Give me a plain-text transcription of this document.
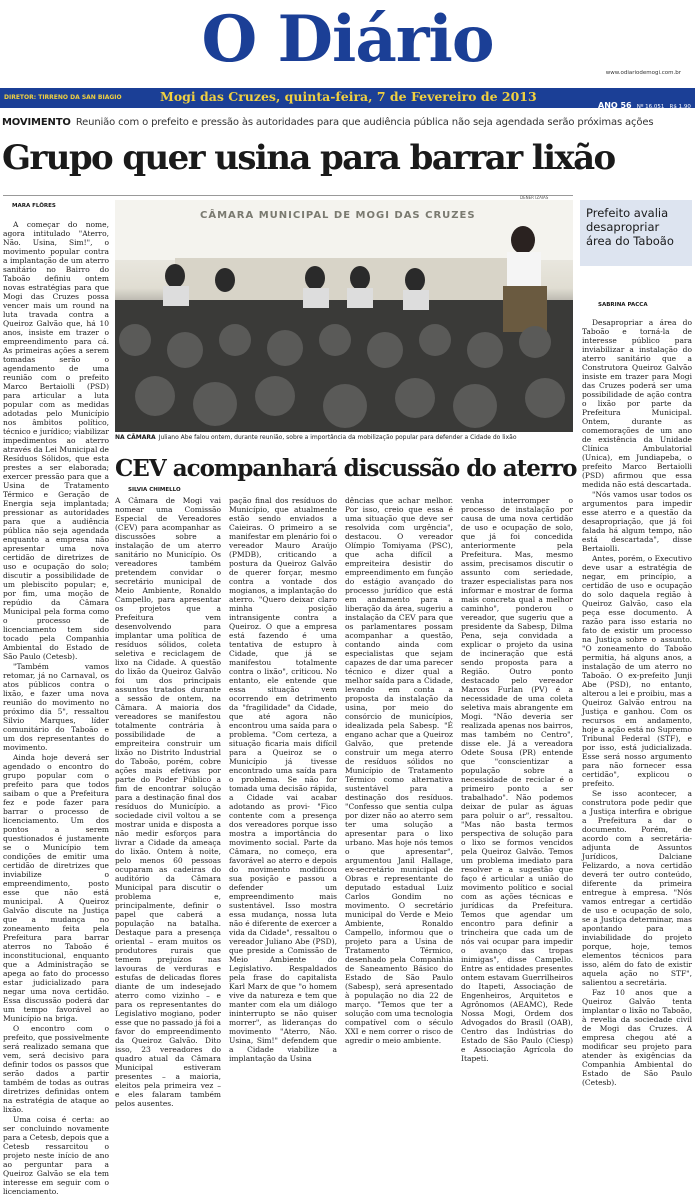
O Diário	www.odiariodemogi.com.br
DIRETOR: TIRRENO DA SAN BIAGIO	Mogi das Cruzes, quinta-feira, 7 de Fevereiro de 2013
ANO 56 Nº 16.051 R$ 1,90
MOVIMENTO Reunião com o prefeito e pressão às autoridades para que audiência pública não seja agendada serão próximas ações
Grupo quer usina para barrar lixão
MARA FLÔRES

A começar do nome, agora intitulado "Aterro, Não. Usina, Sim!", o movimento popular contra a implantação de um aterro sanitário no Bairro do Taboão definiu ontem novas estratégias para que Mogi das Cruzes possa vencer mais um round na luta travada contra a Queiroz Galvão que, há 10 anos, insiste em trazer o empreendimento para cá. As primeiras ações a serem tomadas serão o agendamento de uma reunião com o prefeito Marco Bertaiolli (PSD) para articular a luta popular com as medidas adotadas pelo Município nos âmbitos político, técnico e jurídico; viabilizar impedimentos ao aterro através da Lei Municipal de Resíduos Sólidos, que esta prestes a ser elaborada; exercer pressão para que a Usina de Tratamento Térmico e Geração de Energia seja implantada; pressionar as autoridades para que a audiência pública não seja agendada enquanto a empresa não apresentar uma nova certidão de diretrizes de uso e ocupação do solo; discutir a possibilidade de um plebiscito popular; e, por fim, uma moção de repúdio da Câmara Municipal pela forma como o processo de licenciamento tem sido tocado pela Companhia Ambiental do Estado de São Paulo (Cetesb).

"Também vamos retomar, já no Carnaval, os atos públicos contra o lixão, e fazer uma nova reunião do movimento no próximo dia 5", ressaltou Silvio Marques, líder comunitário do Taboão e um dos representantes do movimento.

Ainda hoje deverá ser agendado o encontro do grupo popular com o prefeito para que todos saibam o que a Prefeitura fez e pode fazer para barrar o processo de licenciamento. Um dos pontos a serem questionados é justamente se o Município tem condições de emitir uma certidão de diretrizes que inviabilize o empreendimento, posto esse que não está municipal. A Queiroz Galvão discute na Justiça que a mudança no zoneamento feita pela Prefeitura para barrar aterros no Taboão é inconstitucional, enquanto que a Administração se apega ao fato do processo estar judicializado para negar uma nova certidão. Essa discussão poderá dar um tempo favorável ao Município na briga.

O encontro com o prefeito, que possivelmente será realizado semana que vem, será decisivo para definir todos os passos que serão dados a partir também de todas as outras diretrizes definidas ontem na estratégia de ataque ao lixão.

Uma coisa é certa: ao ser concluindo novamente para a Cetesb, depois que a Cetesb ressarcitou o projeto neste início de ano ao perguntar para a Queiroz Galvão se ela tem interesse em seguir com o licenciamento.

CÂMARA MUNICIPAL DE MOGI DAS CRUZES
DENER IZAIAS
NA CÂMARA Juliano Abe falou ontem, durante reunião, sobre a importância da mobilização popular para defender a Cidade do lixão
CEV acompanhará discussão do aterro
SILVIA CHIMELLO

A Câmara de Mogi vai nomear uma Comissão Especial de Vereadores (CEV) para acompanhar as discussões sobre a instalação de um aterro sanitário no Município. Os vereadores também pretendem convidar o secretário municipal de Meio Ambiente, Ronaldo Campello, para apresentar os projetos que a Prefeitura vem desenvolvendo para implantar uma política de resíduos sólidos, coleta seletiva e reciclagem de lixo na Cidade. A questão do lixão da Queiroz Galvão foi um dos principais assuntos tratados durante a sessão de ontem, na Câmara. A maioria dos vereadores se manifestou totalmente contrária à possibilidade de a empreiteira construir um lixão no Distrito Industrial do Taboão, porém, cobre ações mais efetivas por parte do Poder Público a fim de encontrar solução para a destinação final dos resíduos do Município. a sociedade civil voltou a se mostrar unida e disposta a não medir esforços para livrar a Cidade da ameaça do lixão. Ontem à noite, pelo menos 60 pessoas ocuparam as cadeiras do auditório da Câmara Municipal para discutir o problema e, principalmente, definir o papel que caberá a população na batalha. Destaque para a presença oriental – eram muitos os produtores rurais que temem prejuízos nas lavouras de verduras e estufas de delicadas flores diante de um indesejado aterro como vizinho – e para os representantes do Legislativo mogiano, poder esse que no passado já foi a favor do empreendimento da Queiroz Galvão. Dito isso, 23 vereadores do quadro atual da Câmara Municipal estiveram presentes – a maioria, eleitos pela primeira vez – e eles falaram também pelos ausentes.

pação final dos resíduos do Município, que atualmente estão sendo enviados a Caieiras. O primeiro a se manifestar em plenário foi o vereador Mauro Araújo (PMDB), criticando a postura da Queiroz Galvão de querer forçar, mesmo contra a vontade dos mogianos, a implantação do aterro. "Quero deixar claro minha posição intransigente contra a Queiroz. O que a empresa está fazendo é uma tentativa de estupro à Cidade, que já se manifestou totalmente contra o lixão", criticou. No entanto, ele entende que essa situação vem ocorrendo em detrimento da "fragilidade" da Cidade, que até agora não encontrou uma saída para o problema. "Com certeza, a situação ficaria mais difícil para a Queiroz se o Município já tivesse encontrado uma saída para o problema. Se não for tomada uma decisão rápida, a Cidade vai acabar adotando as provi- "Fico contente com a presença dos vereadores porque isso mostra a importância do movimento social. Parte da Câmara, no começo, era favorável ao aterro e depois do movimento modificou sua posição e passou a defender um empreendimento mais sustentável. Isso mostra essa mudança, nossa luta não é diferente de exercer a vida da Cidade", ressaltou o vereador Juliano Abe (PSD), que preside a Comissão de Meio Ambiente do Legislativo. Respaldados pela frase do capitalista Karl Marx de que "o homem vive da natureza e tem que manter com ela um diálogo ininterrupto se não quiser morrer", as lideranças do movimento "Aterro, Não. Usina, Sim!" defendem que a Cidade viabilize a implantação da Usina

dências que achar melhor. Por isso, creio que essa é uma situação que deve ser resolvida com urgência", destacou. O vereador Olímpio Tomiyama (PSC), que acha difícil a empreiteira desistir do empreendimento em função do estágio avançado do processo jurídico que está em andamento para a liberação da área, sugeriu a instalação da CEV para que os parlamentares possam acompanhar a questão, contando ainda com especialistas que sejam capazes de dar uma parecer técnico e dizer qual a melhor saída para a Cidade, levando em conta a proposta da instalação da usina, por meio do consórcio de municípios, idealizada pela Sabesp. "É engano achar que a Queiroz Galvão, que pretende construir um mega aterro de resíduos sólidos no Município de Tratamento Térmico como alternativa sustentável para a destinação dos resíduos. "Confesso que sentia culpa por dizer não ao aterro sem ter uma solução a apresentar para o lixo urbano. Mas hoje nós temos o que apresentar", argumentou Janil Hallage, ex-secretário municipal de Obras e representante do deputado estadual Luiz Carlos Gondim no movimento. O secretário municipal do Verde e Meio Ambiente, Ronaldo Campello, informou que o projeto para a Usina de Tratamento Térmico, desenhado pela Companhia de Saneamento Básico do Estado de São Paulo (Sabesp), será apresentado à população no dia 22 de março. "Temos que ter a solução com uma tecnologia compatível com o século XXI e nem correr o risco de agredir o meio ambiente.

venha interromper o processo de instalação por causa de uma nova certidão de uso e ocupação de solo, que já foi concedida anteriormente pela Prefeitura. Mas, mesmo assim, precisamos discutir o assunto com seriedade, trazer especialistas para nos informar e mostrar de forma mais concreta qual a melhor caminho", ponderou o vereador, que sugeriu que a presidente da Sabesp, Dilma Pena, seja convidada a explicar o projeto da usina de incineração que está sendo proposta para a Região. Outro ponto destacado pelo vereador Marcos Furlan (PV) é a necessidade de uma coleta seletiva mais abrangente em Mogi. "Não deveria ser realizada apenas nos bairros, mas também no Centro", disse ele. Já a vereadora Odete Sousa (PR) entende que "conscientizar a população sobre a necessidade de reciclar é o primeiro ponto a ser trabalhado". Não podemos deixar de pular as águas para poluir o ar", ressaltou. "Mas não basta termos perspectiva de solução para o lixo se formos vencidos pela Queiroz Galvão. Temos um problema imediato para resolver e a sugestão que faço é articular a união do movimento político e social com as ações técnicas e jurídicas da Prefeitura. Temos que agendar um encontro para definir a trincheira que cada um de nós vai ocupar para impedir o avanço das tropas inimigas", disse Campello. Entre as entidades presentes ontem estavam Guerrilheiros do Itapeti, Associação de Engenheiros, Arquitetos e Agrônomos (AEAMC), Rede Nossa Mogi, Ordem dos Advogados do Brasil (OAB), Centro das Indústrias do Estado de São Paulo (Ciesp) e Associação Agrícola do Itapeti.

Prefeito avalia desapropriar área do Taboão
SABRINA PACCA

Desapropriar a área do Taboão e torná-la de interesse público para inviabilizar a instalação do aterro sanitário que a Construtora Queiroz Galvão insiste em trazer para Mogi das Cruzes poderá ser uma possibilidade de ação contra o lixão por parte da Prefeitura Municipal. Ontem, durante as comemorações de um ano de existência da Unidade Clínica Ambulatorial (Unica), em Jundiapeba, o prefeito Marco Bertaiolli (PSD) afirmou que essa medida não está descartada.

"Nós vamos usar todos os argumentos para impedir esse aterro e a questão da desapropriação, que já foi falada há algum tempo, não está descartada", disse Bertaiolli.

Antes, porém, o Executivo deve usar a estratégia de negar, em princípio, a certidão de uso e ocupação do solo daquela região à Queiroz Galvão, caso ela peça esse documento. A razão para isso estaria no fato de existir um processo na Justiça sobre o assunto. "O zoneamento do Taboão permitia, há alguns anos, a instalação de um aterro no Taboão. O ex-prefeito Junji Abe (PSD), no entanto, alterou a lei e proibiu, mas a Queiroz Galvão entrou na Justiça e ganhou. Com os recursos em andamento, hoje a ação está no Supremo Tribunal Federal (STF), e por isso, está judicializada. Esse será nosso argumento para não fornecer essa certidão", explicou o prefeito.

Se isso acontecer, a construtora pode pedir que a Justiça interfira e obrigue a Prefeitura a dar o documento. Porém, de acordo com a secretária-adjunta de Assuntos Jurídicos, Dalciane Felizardo, a nova certidão deverá ter outro conteúdo, diferente da primeira entregue à empresa. "Nós vamos entregar a certidão de uso e ocupação de solo, se a Justiça determinar, mas apontando para a inviabilidade do projeto porque, hoje, temos elementos técnicos para isso, além do fato de existir aquela ação no STF", salientou a secretária.

Faz 10 anos que a Queiroz Galvão tenta implantar o lixão no Taboão, à revelia da sociedade civil de Mogi das Cruzes. A empresa chegou até a modificar seu projeto para atender às exigências da Companhia Ambiental do Estado de São Paulo (Cetesb).
